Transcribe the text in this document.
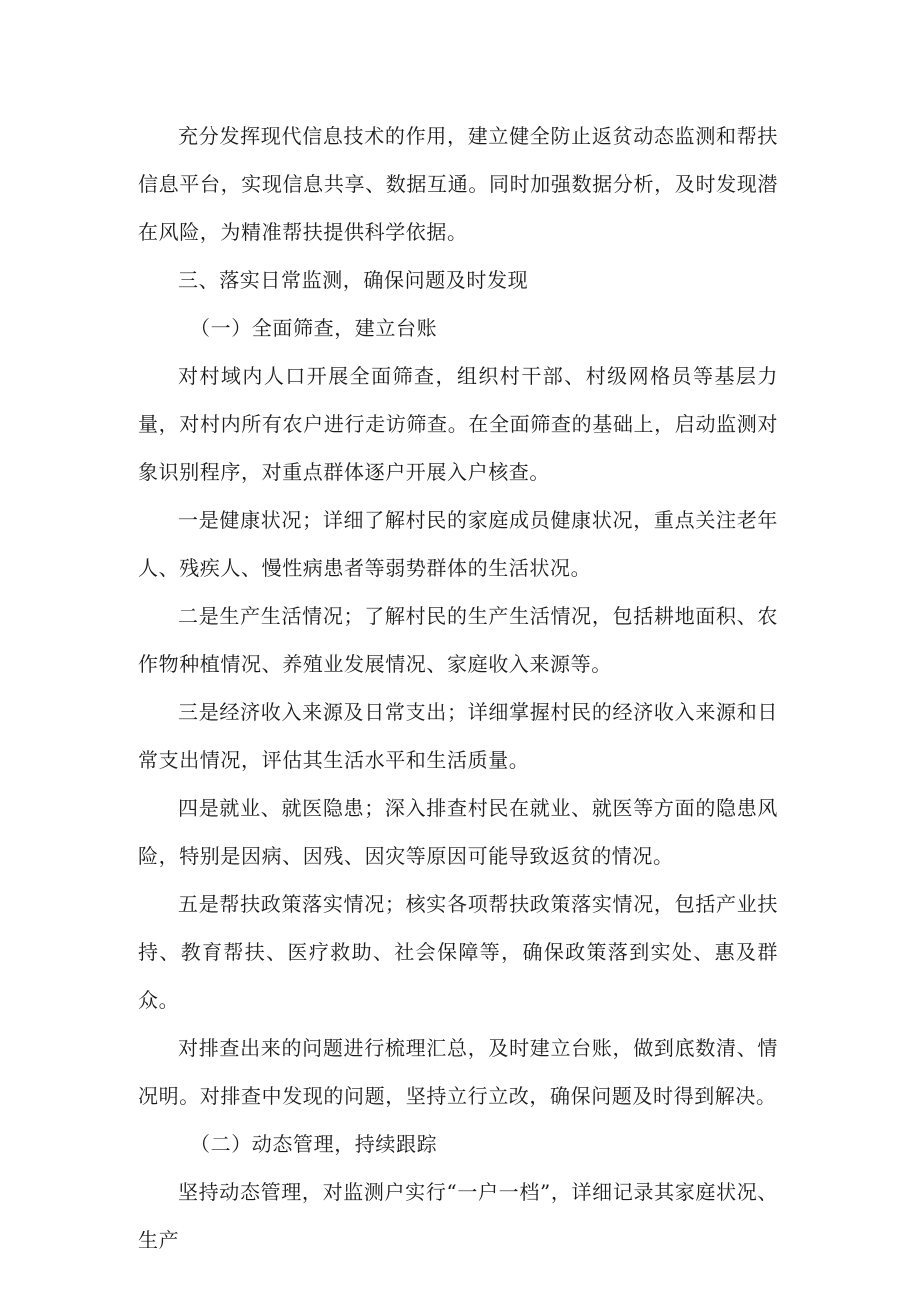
充分发挥现代信息技术的作用，建立健全防止返贫动态监测和帮扶信息平台，实现信息共享、数据互通。同时加强数据分析，及时发现潜在风险，为精准帮扶提供科学依据。

三、落实日常监测，确保问题及时发现

（一）全面筛查，建立台账

对村域内人口开展全面筛查，组织村干部、村级网格员等基层力量，对村内所有农户进行走访筛查。在全面筛查的基础上，启动监测对象识别程序，对重点群体逐户开展入户核查。

一是健康状况；详细了解村民的家庭成员健康状况，重点关注老年人、残疾人、慢性病患者等弱势群体的生活状况。

二是生产生活情况；了解村民的生产生活情况，包括耕地面积、农作物种植情况、养殖业发展情况、家庭收入来源等。

三是经济收入来源及日常支出；详细掌握村民的经济收入来源和日常支出情况，评估其生活水平和生活质量。

四是就业、就医隐患；深入排查村民在就业、就医等方面的隐患风险，特别是因病、因残、因灾等原因可能导致返贫的情况。

五是帮扶政策落实情况；核实各项帮扶政策落实情况，包括产业扶持、教育帮扶、医疗救助、社会保障等，确保政策落到实处、惠及群众。

对排查出来的问题进行梳理汇总，及时建立台账，做到底数清、情况明。对排查中发现的问题，坚持立行立改，确保问题及时得到解决。

（二）动态管理，持续跟踪

坚持动态管理，对监测户实行“一户一档”，详细记录其家庭状况、生产
